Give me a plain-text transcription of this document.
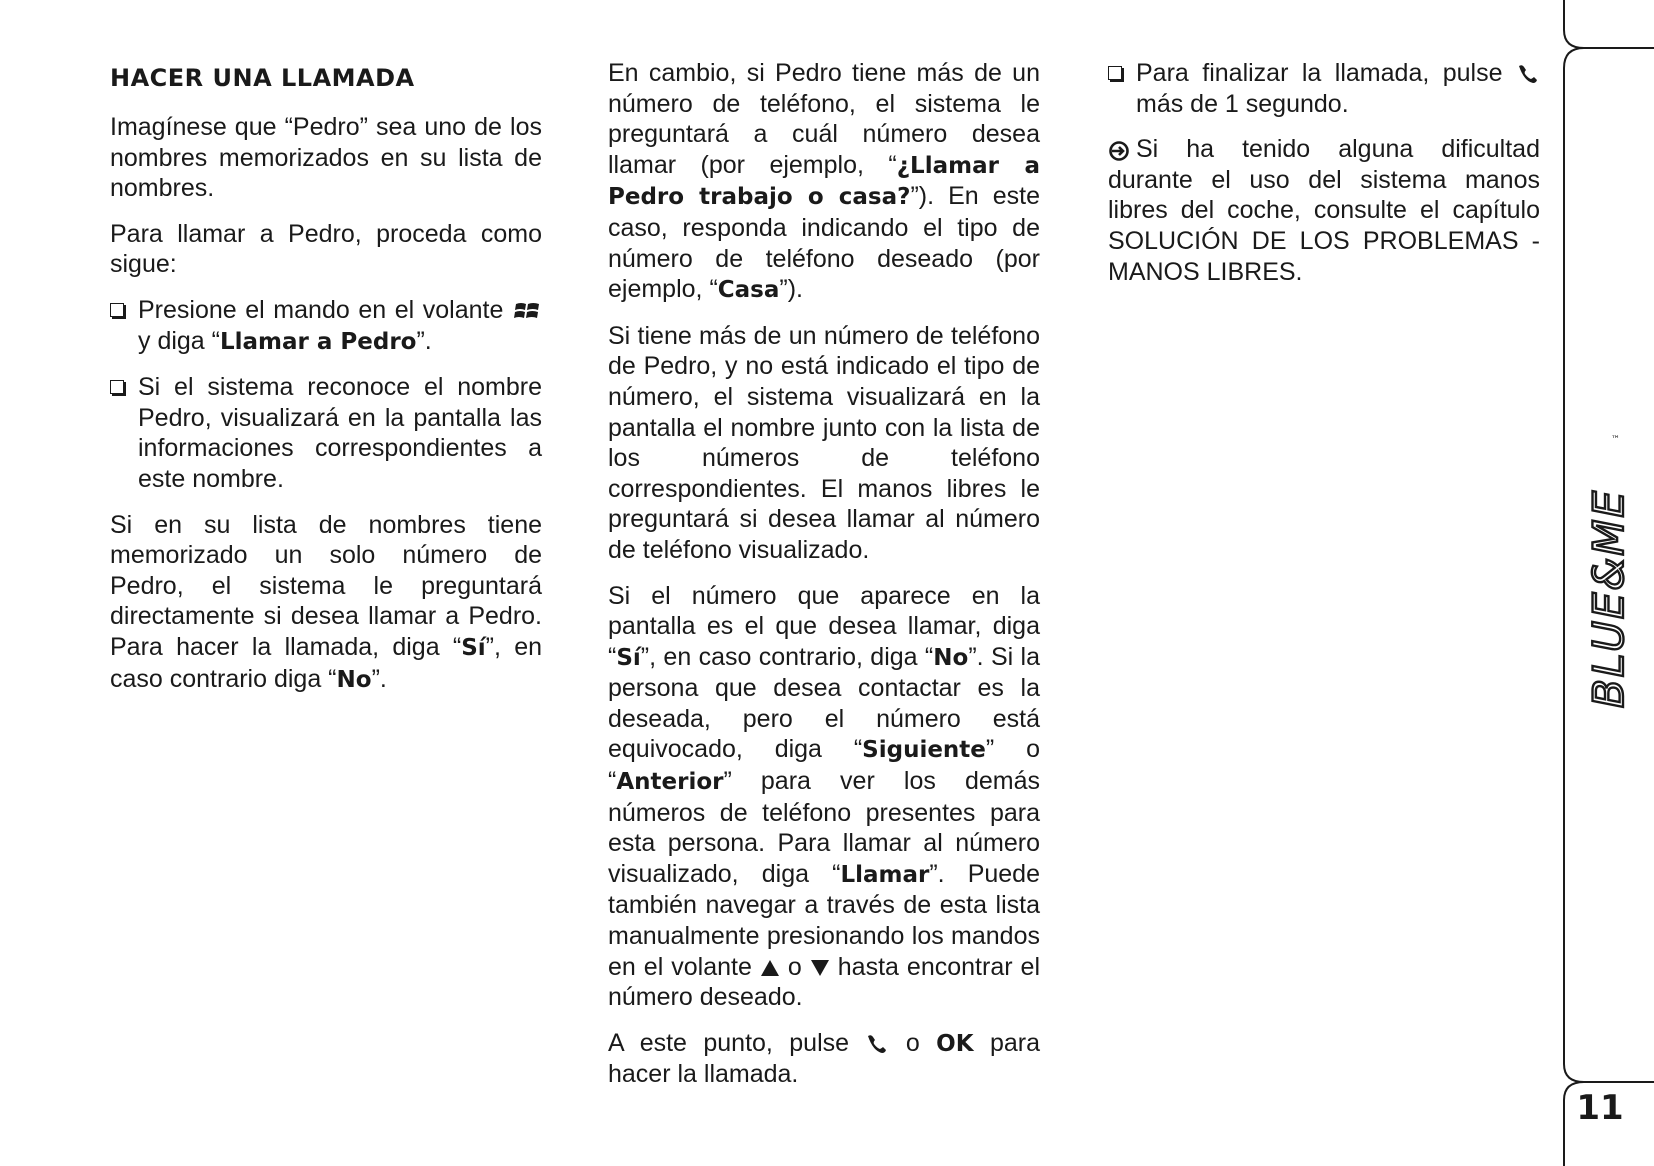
HACER UNA LLAMADA

Imagínese que “Pedro” sea uno de los nombres memorizados en su lista de nombres.

Para llamar a Pedro, proceda como sigue:

Presione el mando en el volante  y diga “Llamar a Pedro”.

Si el sistema reconoce el nombre Pedro, visualizará en la pantalla las informaciones correspondientes a este nombre.

Si en su lista de nombres tiene memorizado un solo número de Pedro, el sistema le preguntará directamente si desea llamar a Pedro. Para hacer la llamada, diga “Sí”, en caso contrario diga “No”.

En cambio, si Pedro tiene más de un número de teléfono, el sistema le preguntará a cuál número desea llamar (por ejemplo, “¿Llamar a Pedro trabajo o casa?”). En este caso, responda indicando el tipo de número de teléfono deseado (por ejemplo, “Casa”).

Si tiene más de un número de teléfono de Pedro, y no está indicado el tipo de número, el sistema visualizará en la pantalla el nombre junto con la lista de los números de teléfono correspondientes. El manos libres le preguntará si desea llamar al número de teléfono visualizado.

Si el número que aparece en la pantalla es el que desea llamar, diga “Sí”, en caso contrario, diga “No”. Si la persona que desea contactar es la deseada, pero el número está equivocado, diga “Siguiente” o “Anterior” para ver los demás números de teléfono presentes para esta persona. Para llamar al número visualizado, diga “Llamar”. Puede también navegar a través de esta lista manualmente presionando los mandos en el volante o hasta encontrar el número deseado.

A este punto, pulse o OK para hacer la llamada.

Para finalizar la llamada, pulse  más de 1 segundo.

Si ha tenido alguna dificultad durante el uso del sistema manos libres del coche, consulte el capítulo SOLUCIÓN DE LOS PROBLEMAS - MANOS LIBRES.

BLUE&ME
™
11
